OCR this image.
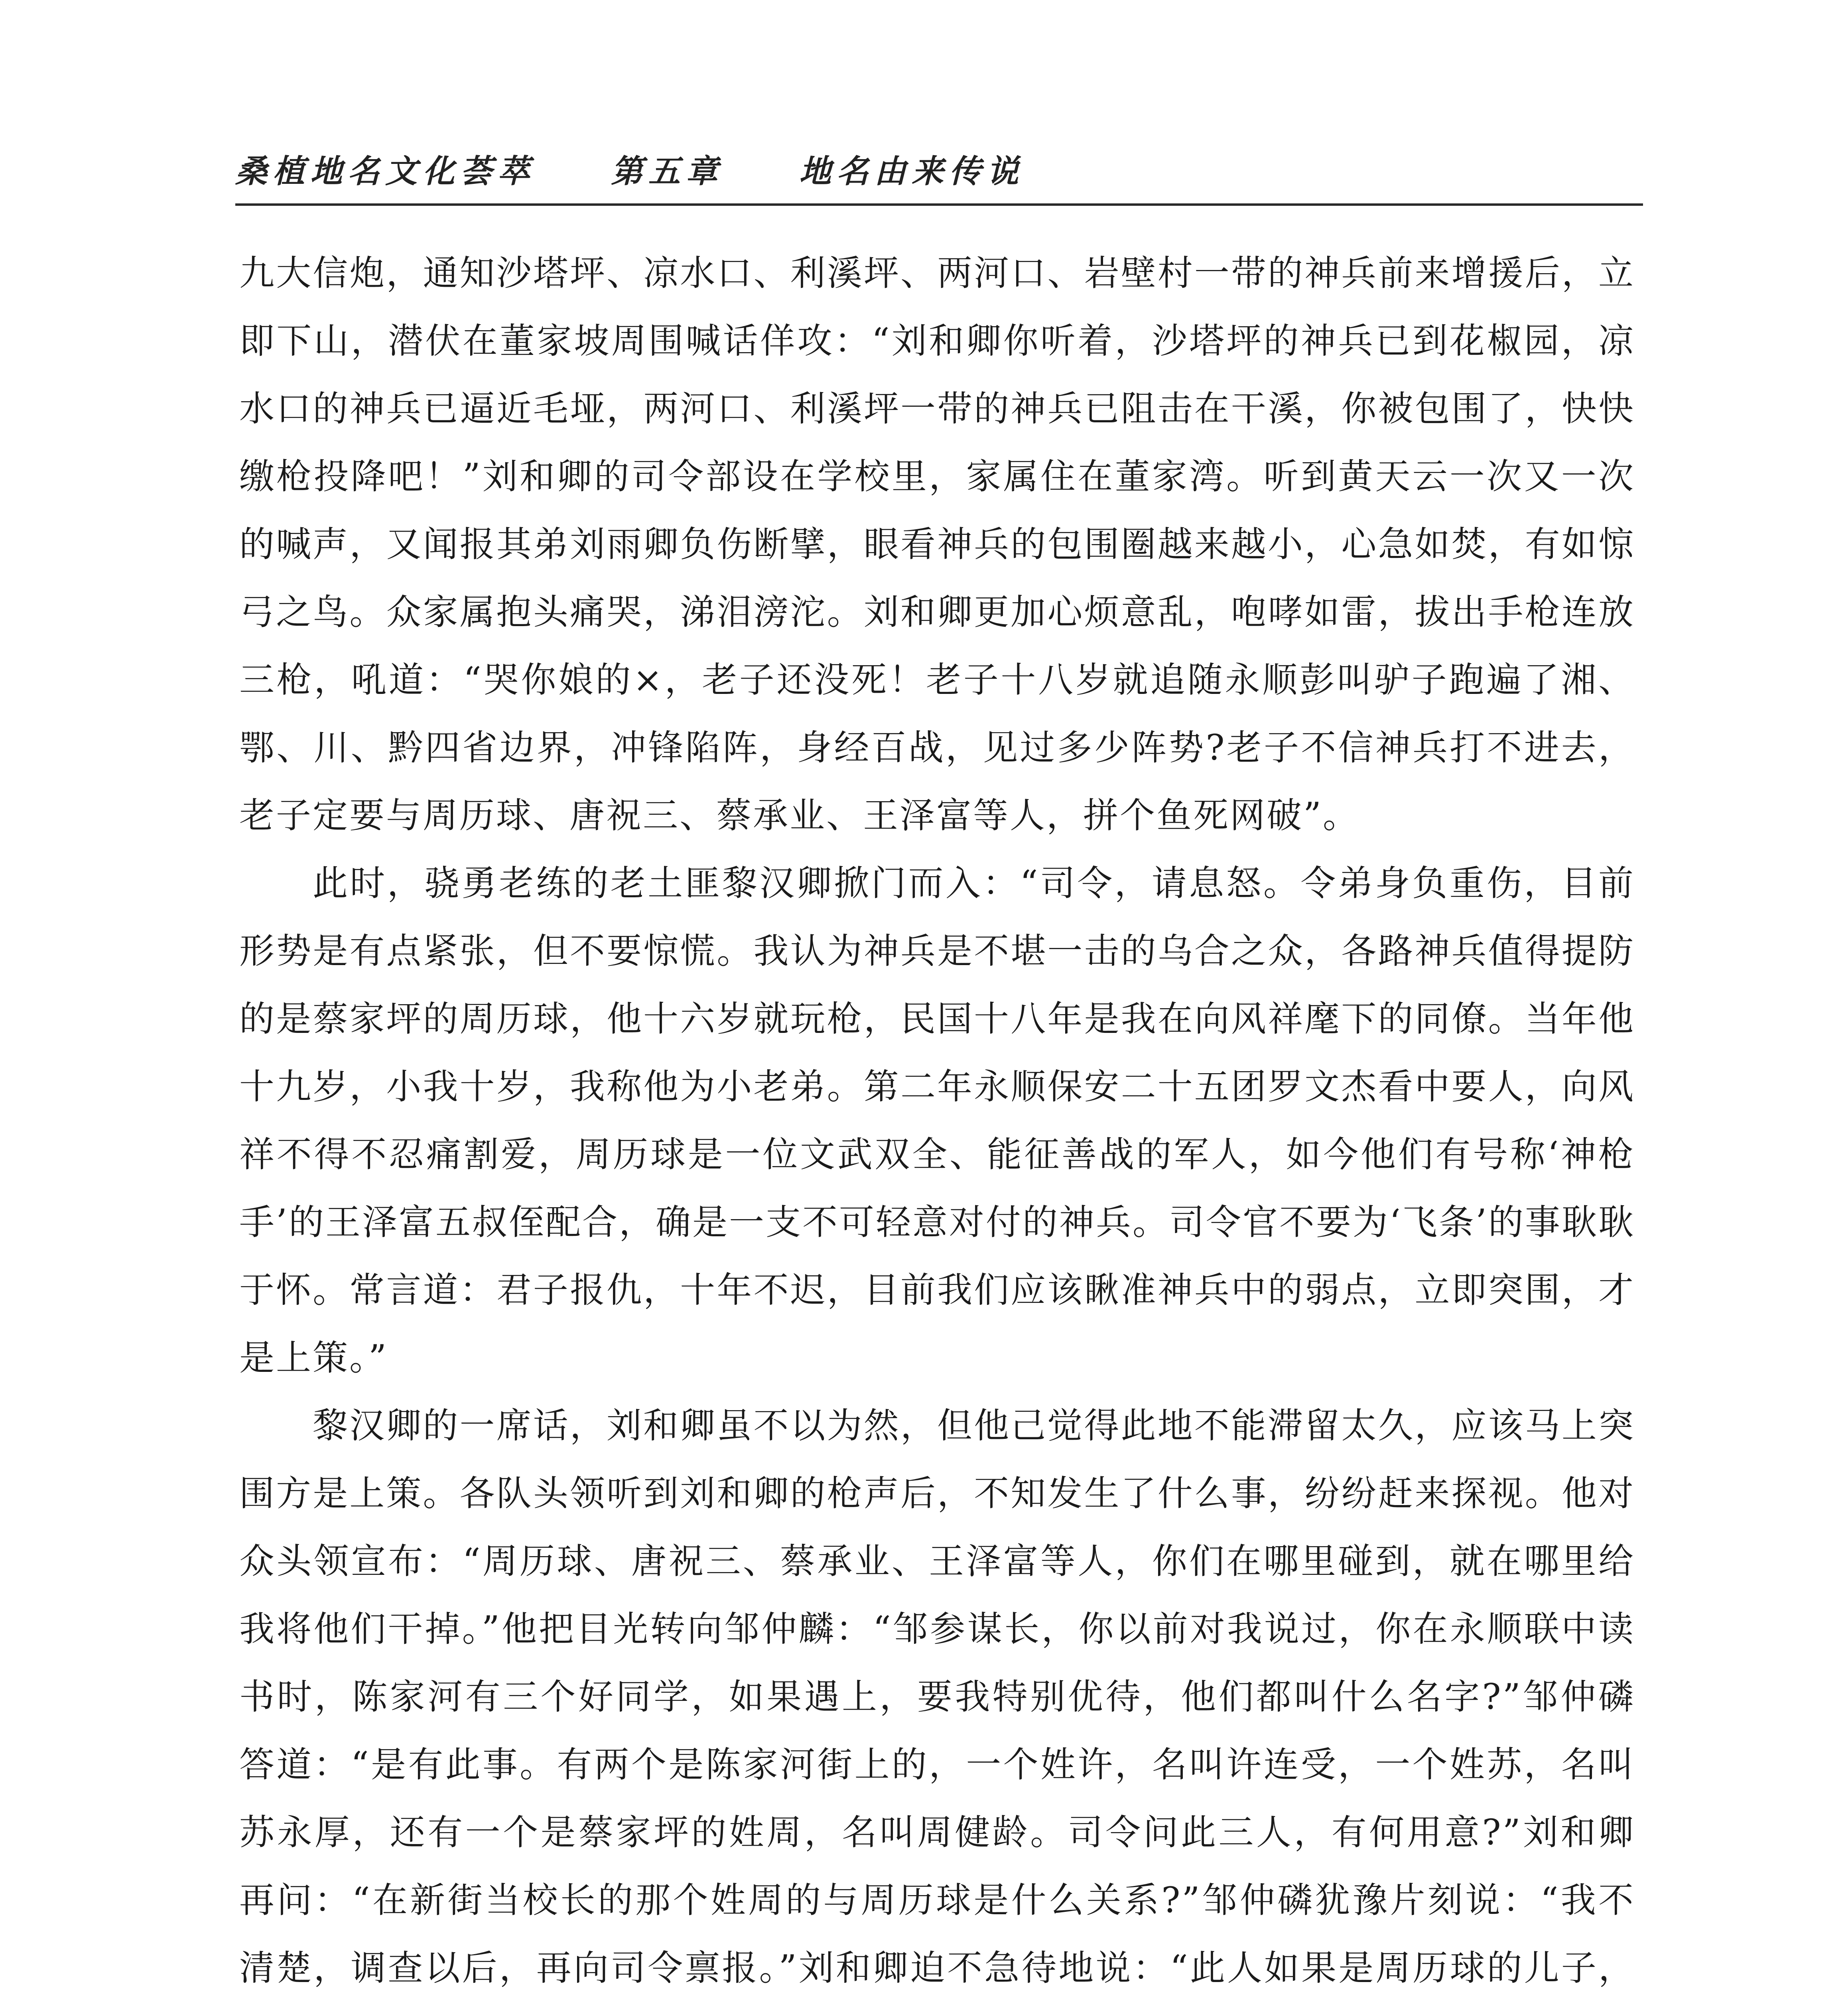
桑植地名文化荟萃 第五章 地名由来传说

九大信炮，通知沙塔坪、凉水口、利溪坪、两河口、岩壁村一带的神兵前来增援后，立即下山，潜伏在董家坡周围喊话佯攻：“刘和卿你听着，沙塔坪的神兵已到花椒园，凉水口的神兵已逼近毛垭，两河口、利溪坪一带的神兵已阻击在干溪，你被包围了，快快缴枪投降吧！”刘和卿的司令部设在学校里，家属住在董家湾。听到黄天云一次又一次的喊声，又闻报其弟刘雨卿负伤断擘，眼看神兵的包围圈越来越小，心急如焚，有如惊弓之鸟。众家属抱头痛哭，涕泪滂沱。刘和卿更加心烦意乱，咆哮如雷，拔出手枪连放三枪，吼道：“哭你娘的×，老子还没死！老子十八岁就追随永顺彭叫驴子跑遍了湘、鄂、川、黔四省边界，冲锋陷阵，身经百战，见过多少阵势?老子不信神兵打不进去，老子定要与周历球、唐祝三、蔡承业、王泽富等人，拼个鱼死网破”。

此时，骁勇老练的老土匪黎汉卿掀门而入：“司令，请息怒。令弟身负重伤，目前形势是有点紧张，但不要惊慌。我认为神兵是不堪一击的乌合之众，各路神兵值得提防的是蔡家坪的周历球，他十六岁就玩枪，民国十八年是我在向风祥麾下的同僚。当年他十九岁，小我十岁，我称他为小老弟。第二年永顺保安二十五团罗文杰看中要人，向风祥不得不忍痛割爱，周历球是一位文武双全、能征善战的军人，如今他们有号称‘神枪手’的王泽富五叔侄配合，确是一支不可轻意对付的神兵。司令官不要为‘飞条’的事耿耿于怀。常言道：君子报仇，十年不迟，目前我们应该瞅准神兵中的弱点，立即突围，才是上策。”

黎汉卿的一席话，刘和卿虽不以为然，但他己觉得此地不能滞留太久，应该马上突围方是上策。各队头领听到刘和卿的枪声后，不知发生了什么事，纷纷赶来探视。他对众头领宣布：“周历球、唐祝三、蔡承业、王泽富等人，你们在哪里碰到，就在哪里给我将他们干掉。”他把目光转向邹仲麟：“邹参谋长，你以前对我说过，你在永顺联中读书时，陈家河有三个好同学，如果遇上，要我特别优待，他们都叫什么名字?”邹仲磷答道：“是有此事。有两个是陈家河街上的，一个姓许，名叫许连受，一个姓苏，名叫苏永厚，还有一个是蔡家坪的姓周，名叫周健龄。司令问此三人，有何用意?”刘和卿再问：“在新街当校长的那个姓周的与周历球是什么关系?”邹仲磷犹豫片刻说：“我不清楚，调查以后，再向司令禀报。”刘和卿迫不急待地说：“此人如果是周历球的儿子，
